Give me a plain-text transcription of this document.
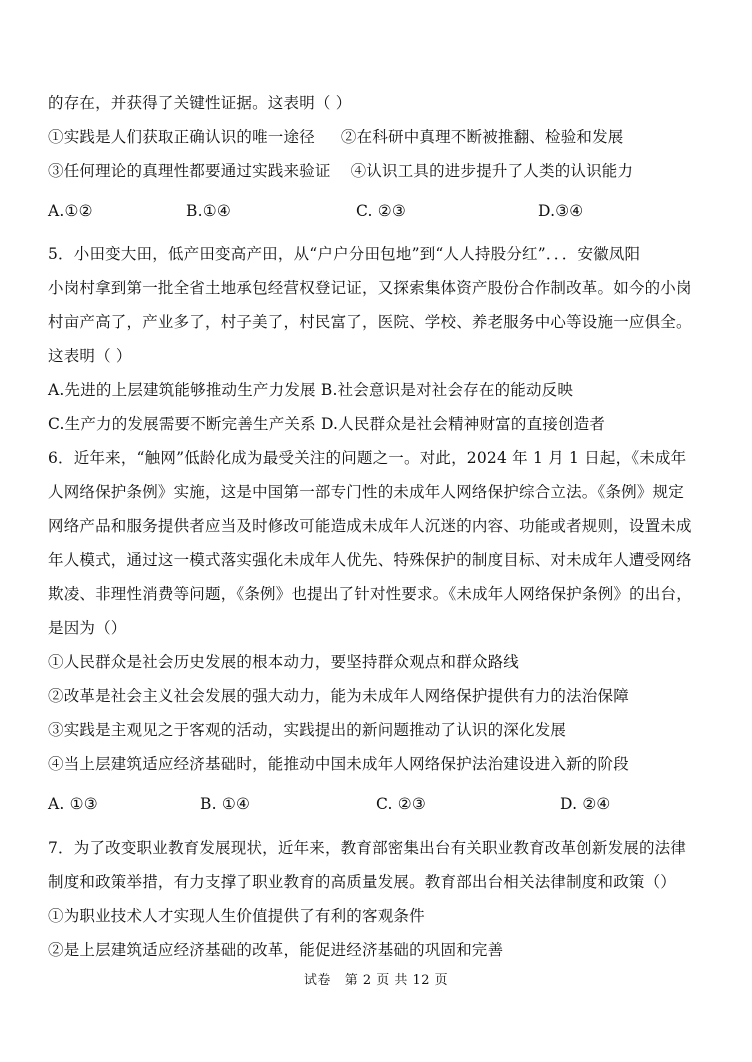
的存在，并获得了关键性证据。这表明（ ）
①实践是人们获取正确认识的唯一途径 ②在科研中真理不断被推翻、检验和发展
③任何理论的真理性都要通过实践来验证 ④认识工具的进步提升了人类的认识能力
A.①②	B.①④	C. ②③	D.③④
5．小田变大田，低产田变高产田，从“户户分田包地”到“人人持股分红”．．．安徽凤阳
小岗村拿到第一批全省土地承包经营权登记证，又探索集体资产股份合作制改革。如今的小岗
村亩产高了，产业多了，村子美了，村民富了，医院、学校、养老服务中心等设施一应俱全。
这表明（ ）
A.先进的上层建筑能够推动生产力发展 B.社会意识是对社会存在的能动反映
C.生产力的发展需要不断完善生产关系 D.人民群众是社会精神财富的直接创造者
6．近年来，“触网”低龄化成为最受关注的问题之一。对此，2024 年 1 月 1 日起，《未成年
人网络保护条例》实施，这是中国第一部专门性的未成年人网络保护综合立法。《条例》规定
网络产品和服务提供者应当及时修改可能造成未成年人沉迷的内容、功能或者规则，设置未成
年人模式，通过这一模式落实强化未成年人优先、特殊保护的制度目标、对未成年人遭受网络
欺凌、非理性消费等问题，《条例》也提出了针对性要求。《未成年人网络保护条例》的出台，
是因为（）
①人民群众是社会历史发展的根本动力，要坚持群众观点和群众路线
②改革是社会主义社会发展的强大动力，能为未成年人网络保护提供有力的法治保障
③实践是主观见之于客观的活动，实践提出的新问题推动了认识的深化发展
④当上层建筑适应经济基础时，能推动中国未成年人网络保护法治建设进入新的阶段
A. ①③	B. ①④	C. ②③	D. ②④
7．为了改变职业教育发展现状，近年来，教育部密集出台有关职业教育改革创新发展的法律
制度和政策举措，有力支撑了职业教育的高质量发展。教育部出台相关法律制度和政策（）
①为职业技术人才实现人生价值提供了有利的客观条件
②是上层建筑适应经济基础的改革，能促进经济基础的巩固和完善
试卷   第 2 页 共 12 页
